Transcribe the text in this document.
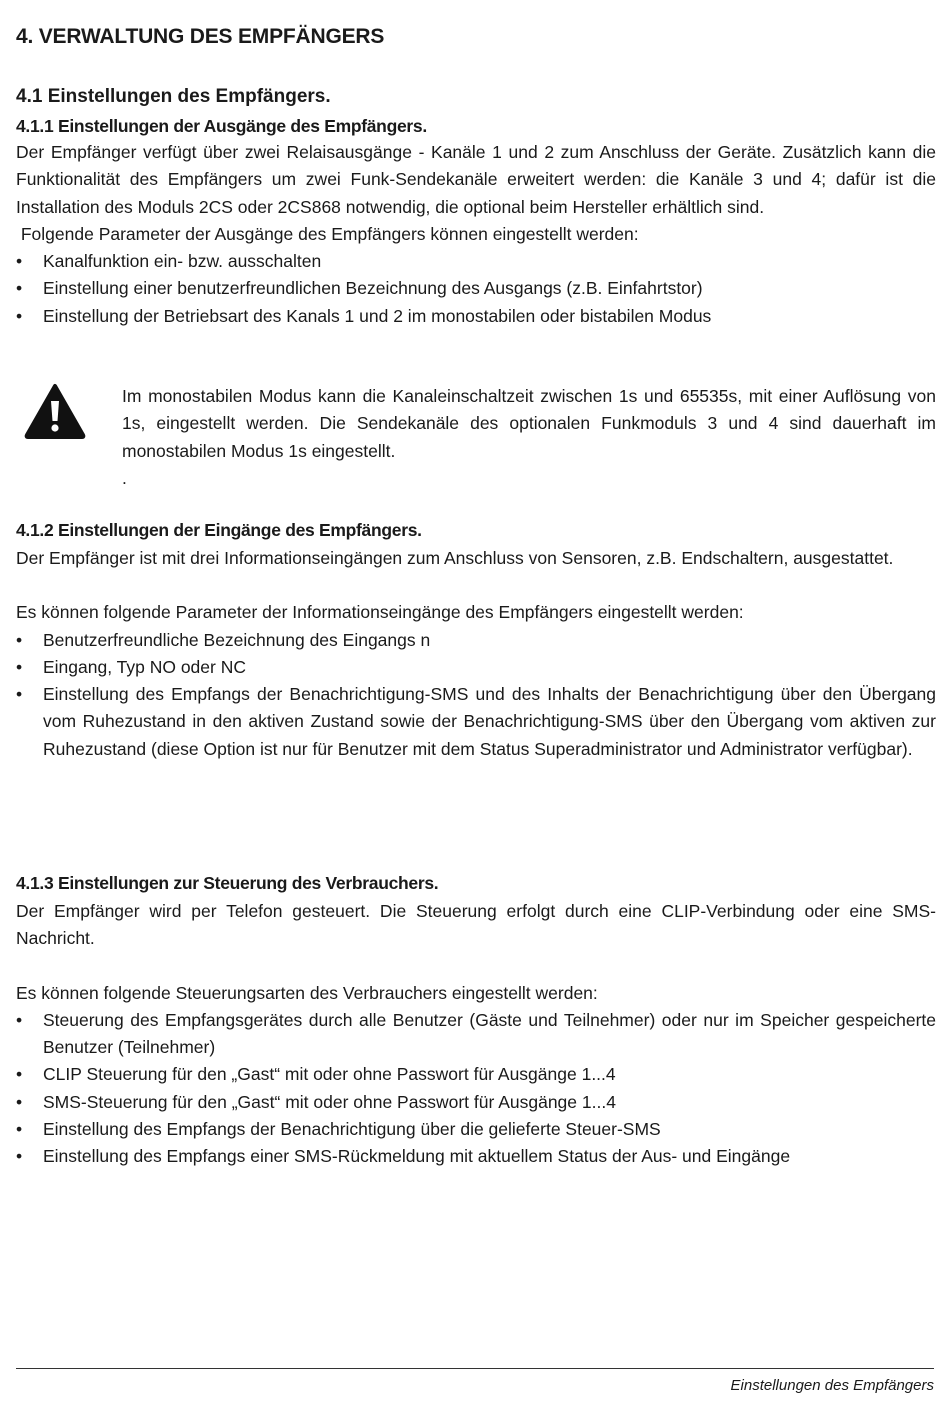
4. VERWALTUNG DES EMPFÄNGERS
4.1 Einstellungen des Empfängers.
4.1.1 Einstellungen der Ausgänge des Empfängers.

Der Empfänger verfügt über zwei Relaisausgänge - Kanäle 1 und 2 zum Anschluss der Geräte. Zusätzlich kann die Funktionalität des Empfängers um zwei Funk-Sendekanäle erweitert werden: die Kanäle 3 und 4; dafür ist die Installation des Moduls 2CS oder 2CS868 notwendig, die optional beim Hersteller erhältlich sind.

Folgende Parameter der Ausgänge des Empfängers können eingestellt werden:

• Kanalfunktion ein- bzw. ausschalten
• Einstellung einer benutzerfreundlichen Bezeichnung des Ausgangs (z.B. Einfahrtstor)
• Einstellung der Betriebsart des Kanals 1 und 2 im monostabilen oder bistabilen Modus

Im monostabilen Modus kann die Kanaleinschaltzeit zwischen 1s und 65535s, mit einer Auflösung von 1s, eingestellt werden. Die Sendekanäle des optionalen Funkmoduls 3 und 4 sind dauerhaft im monostabilen Modus 1s eingestellt.

.

4.1.2 Einstellungen der Eingänge des Empfängers.

Der Empfänger ist mit drei Informationseingängen zum Anschluss von Sensoren, z.B. Endschaltern, ausgestattet.

Es können folgende Parameter der Informationseingänge des Empfängers eingestellt werden:

• Benutzerfreundliche Bezeichnung des Eingangs n
• Eingang, Typ NO oder NC
• Einstellung des Empfangs der Benachrichtigung-SMS und des Inhalts der Benachrichtigung über den Übergang vom Ruhezustand in den aktiven Zustand sowie der Benachrichtigung-SMS über den Übergang vom aktiven zur Ruhezustand (diese Option ist nur für Benutzer mit dem Status Superadministrator und Administrator verfügbar).
4.1.3 Einstellungen zur Steuerung des Verbrauchers.

Der Empfänger wird per Telefon gesteuert. Die Steuerung erfolgt durch eine CLIP-Verbindung oder eine SMS-Nachricht.

Es können folgende Steuerungsarten des Verbrauchers eingestellt werden:

• Steuerung des Empfangsgerätes durch alle Benutzer (Gäste und Teilnehmer) oder nur im Speicher gespeicherte Benutzer (Teilnehmer)
• CLIP Steuerung für den „Gast“ mit oder ohne Passwort für Ausgänge 1...4
• SMS-Steuerung für den „Gast“ mit oder ohne Passwort für Ausgänge 1...4
• Einstellung des Empfangs der Benachrichtigung über die gelieferte Steuer-SMS
• Einstellung des Empfangs einer SMS-Rückmeldung mit aktuellem Status der Aus- und Eingänge
Einstellungen des Empfängers
